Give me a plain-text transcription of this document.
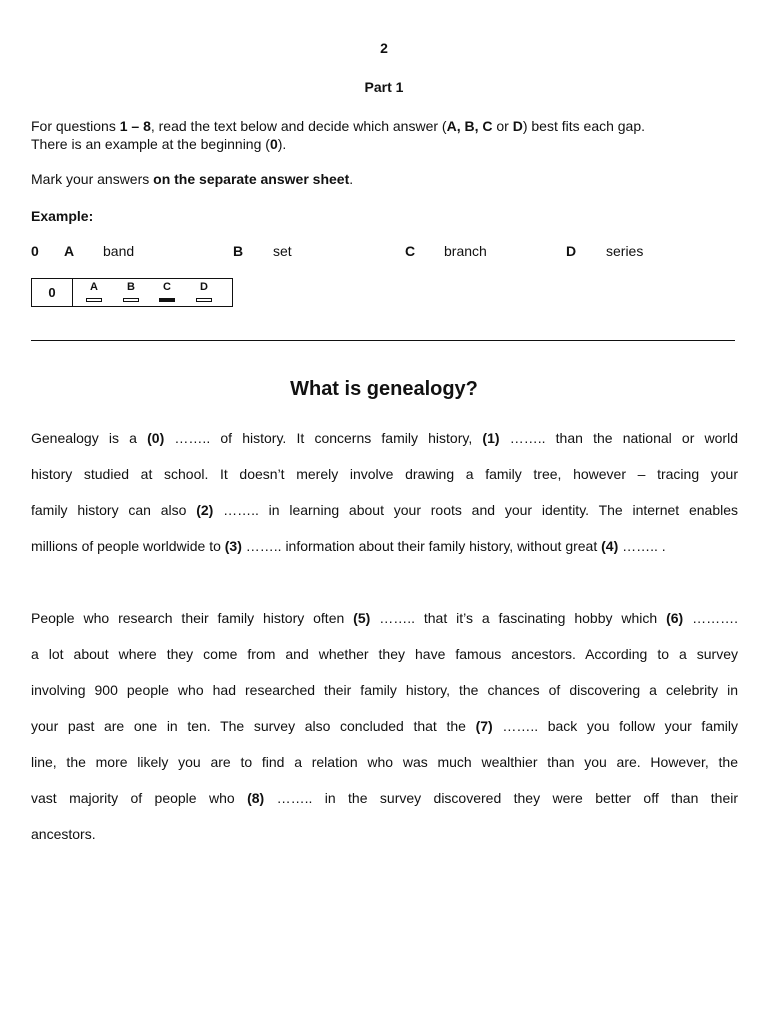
2
Part 1
For questions 1 – 8, read the text below and decide which answer (A, B, C or D) best fits each gap.
There is an example at the beginning (0).
Mark your answers on the separate answer sheet.
Example:
0 A band	B set	C branch	D series
0	A	B	C	D
What is genealogy?
Genealogy is a (0) …….. of history. It concerns family history, (1) …….. than the national or world
history studied at school. It doesn’t merely involve drawing a family tree, however – tracing your
family history can also (2) …….. in learning about your roots and your identity. The internet enables
millions of people worldwide to (3) …….. information about their family history, without great (4) …….. .
People who research their family history often (5) …….. that it’s a fascinating hobby which (6) ……….
a lot about where they come from and whether they have famous ancestors. According to a survey
involving 900 people who had researched their family history, the chances of discovering a celebrity in
your past are one in ten. The survey also concluded that the (7) …….. back you follow your family
line, the more likely you are to find a relation who was much wealthier than you are. However, the
vast majority of people who (8) …….. in the survey discovered they were better off than their
ancestors.
